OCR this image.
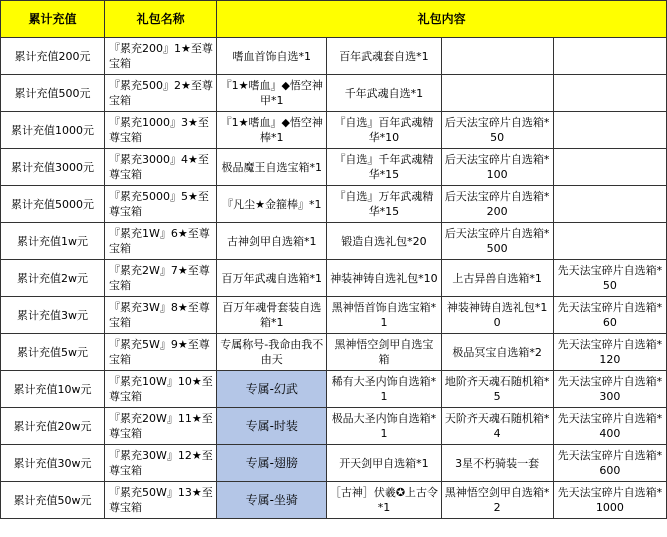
累计充值	礼包名称	礼包内容			
累计充值200元	『累充200』1★至尊宝箱	嗜血首饰自选*1	百年武魂套自选*1		
累计充值500元	『累充500』2★至尊宝箱	『1★嗜血』◆悟空神甲*1	千年武魂自选*1		
累计充值1000元	『累充1000』3★至尊宝箱	『1★嗜血』◆悟空神棒*1	『自选』百年武魂精华*10	后天法宝碎片自选箱*50	
累计充值3000元	『累充3000』4★至尊宝箱	极品魔王自选宝箱*1	『自选』千年武魂精华*15	后天法宝碎片自选箱*100	
累计充值5000元	『累充5000』5★至尊宝箱	『凡尘★金箍棒』*1	『自选』万年武魂精华*15	后天法宝碎片自选箱*200	
累计充值1w元	『累充1W』6★至尊宝箱	古神剑甲自选箱*1	锻造自选礼包*20	后天法宝碎片自选箱*500	
累计充值2w元	『累充2W』7★至尊宝箱	百万年武魂自选箱*1	神装神铸自选礼包*10	上古异兽自选箱*1	先天法宝碎片自选箱*50
累计充值3w元	『累充3W』8★至尊宝箱	百万年魂骨套装自选箱*1	黑神悟首饰自选宝箱*1	神装神铸自选礼包*10	先天法宝碎片自选箱*60
累计充值5w元	『累充5W』9★至尊宝箱	专属称号-我命由我不由天	黑神悟空剑甲自选宝箱	极品冥宝自选箱*2	先天法宝碎片自选箱*120
累计充值10w元	『累充10W』10★至尊宝箱	专属-幻武	稀有大圣内饰自选箱*1	地阶齐天魂石随机箱*5	先天法宝碎片自选箱*300
累计充值20w元	『累充20W』11★至尊宝箱	专属-时装	极品大圣内饰自选箱*1	天阶齐天魂石随机箱*4	先天法宝碎片自选箱*400
累计充值30w元	『累充30W』12★至尊宝箱	专属-翅膀	开天剑甲自选箱*1	3星不朽骑装一套	先天法宝碎片自选箱*600
累计充值50w元	『累充50W』13★至尊宝箱	专属-坐骑	［古神］伏羲✪上古令*1	黑神悟空剑甲自选箱*2	先天法宝碎片自选箱*1000
